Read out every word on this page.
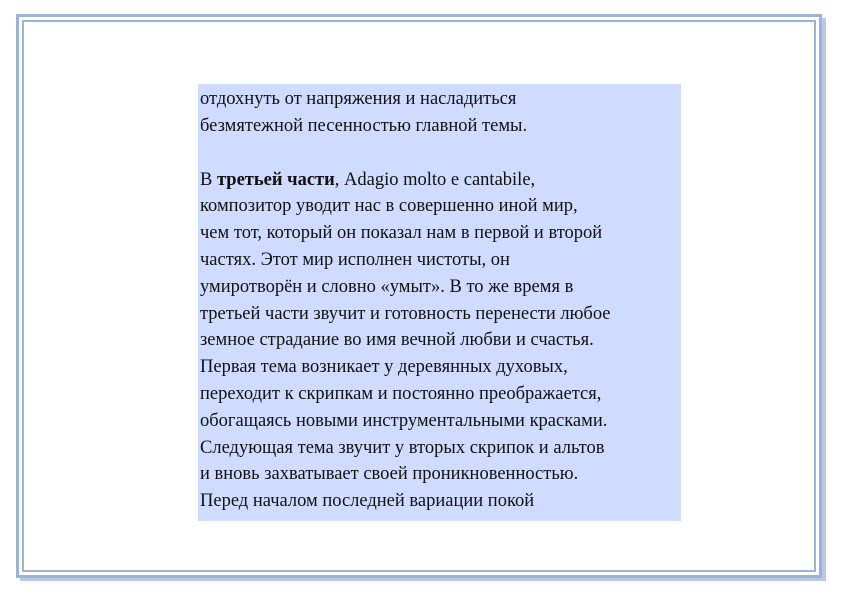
отдохнуть от напряжения и насладиться
безмятежной песенностью главной темы.

В третьей части, Adagio molto e cantabile,
композитор уводит нас в совершенно иной мир,
чем тот, который он показал нам в первой и второй
частях. Этот мир исполнен чистоты, он
умиротворён и словно «умыт». В то же время в
третьей части звучит и готовность перенести любое
земное страдание во имя вечной любви и счастья.
Первая тема возникает у деревянных духовых,
переходит к скрипкам и постоянно преображается,
обогащаясь новыми инструментальными красками.
Следующая тема звучит у вторых скрипок и альтов
и вновь захватывает своей проникновенностью.
Перед началом последней вариации покой
